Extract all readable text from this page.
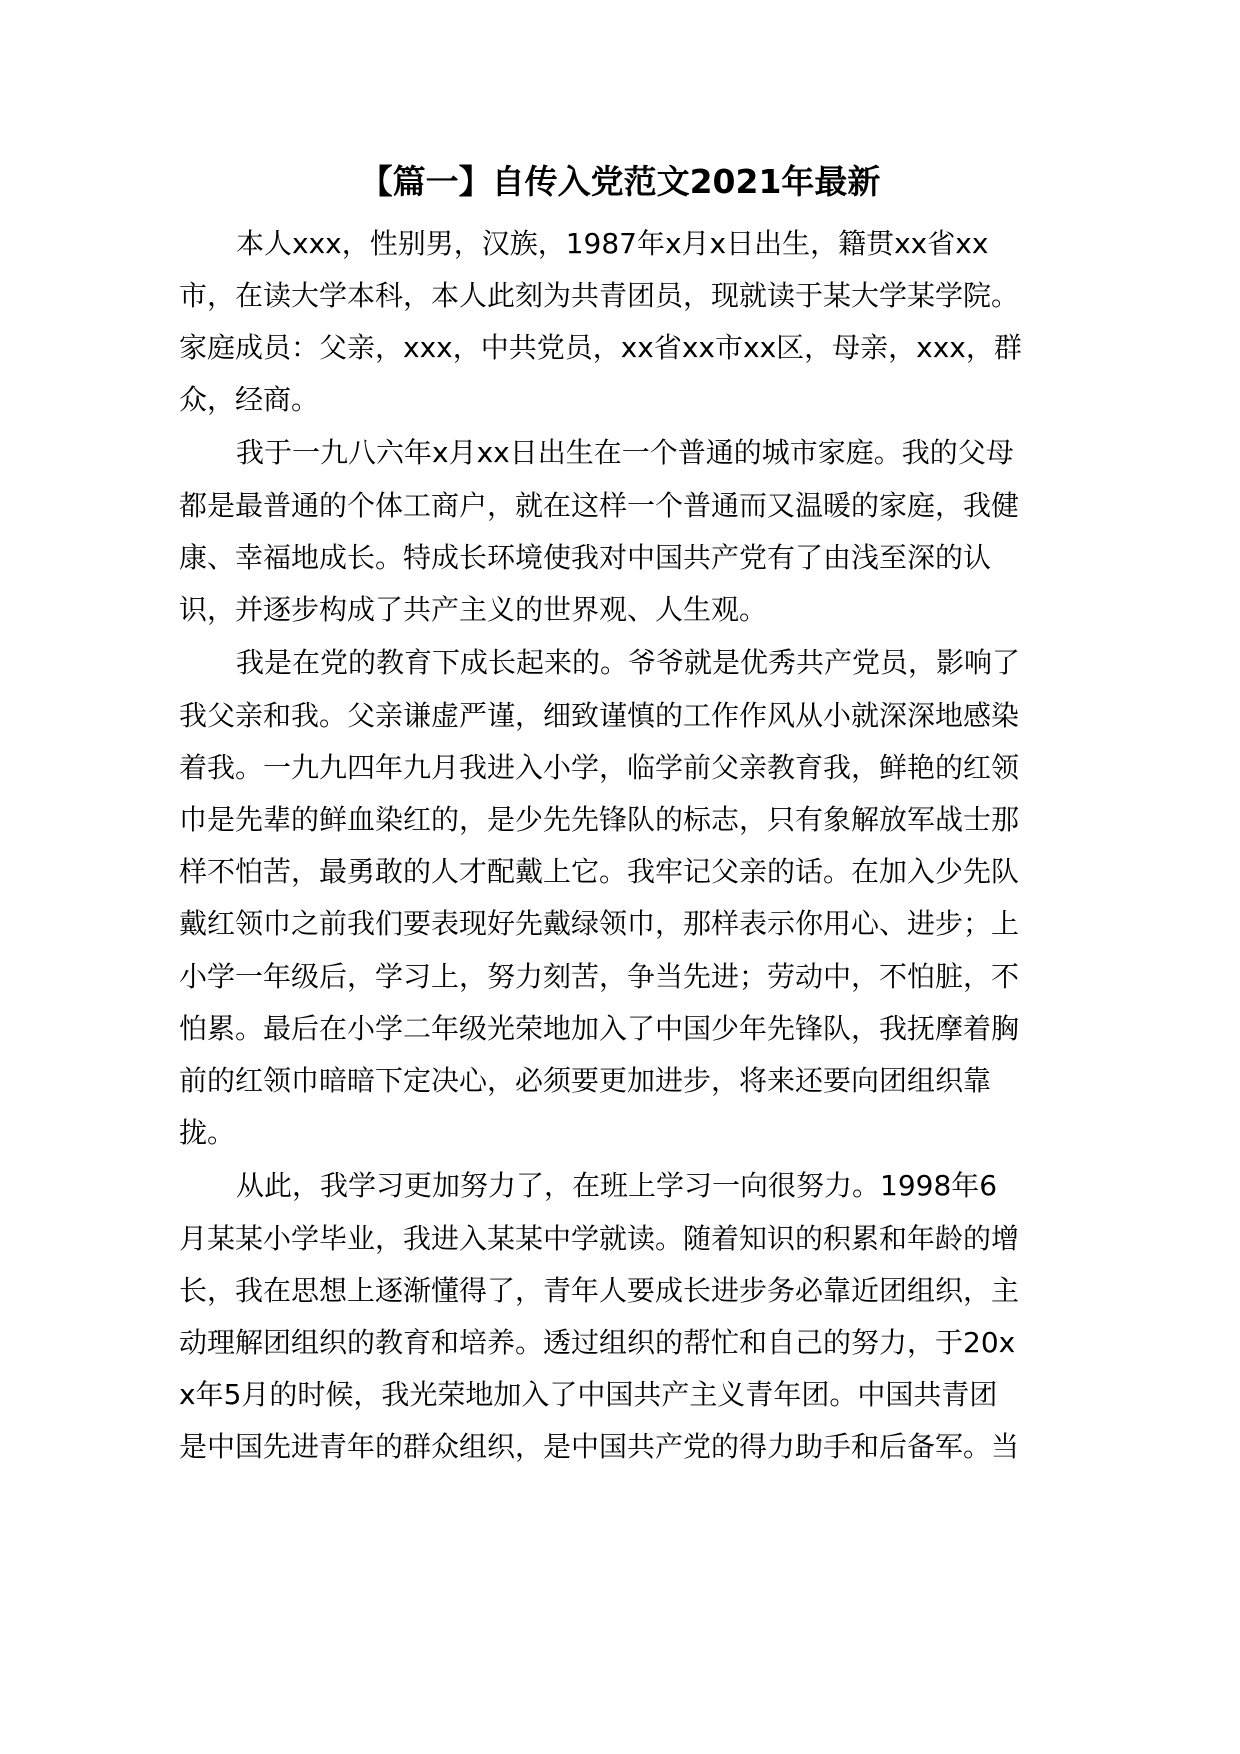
【篇一】自传入党范文2021年最新

本人xxx，性别男，汉族，1987年x月x日出生，籍贯xx省xx

市，在读大学本科，本人此刻为共青团员，现就读于某大学某学院。

家庭成员：父亲，xxx，中共党员，xx省xx市xx区，母亲，xxx，群

众，经商。

我于一九八六年x月xx日出生在一个普通的城市家庭。我的父母

都是最普通的个体工商户，就在这样一个普通而又温暖的家庭，我健

康、幸福地成长。特成长环境使我对中国共产党有了由浅至深的认

识，并逐步构成了共产主义的世界观、人生观。

我是在党的教育下成长起来的。爷爷就是优秀共产党员，影响了

我父亲和我。父亲谦虚严谨，细致谨慎的工作作风从小就深深地感染

着我。一九九四年九月我进入小学，临学前父亲教育我，鲜艳的红领

巾是先辈的鲜血染红的，是少先先锋队的标志，只有象解放军战士那

样不怕苦，最勇敢的人才配戴上它。我牢记父亲的话。在加入少先队

戴红领巾之前我们要表现好先戴绿领巾，那样表示你用心、进步；上

小学一年级后，学习上，努力刻苦，争当先进；劳动中，不怕脏，不

怕累。最后在小学二年级光荣地加入了中国少年先锋队，我抚摩着胸

前的红领巾暗暗下定决心，必须要更加进步，将来还要向团组织靠

拢。

从此，我学习更加努力了，在班上学习一向很努力。1998年6

月某某小学毕业，我进入某某中学就读。随着知识的积累和年龄的增

长，我在思想上逐渐懂得了，青年人要成长进步务必靠近团组织，主

动理解团组织的教育和培养。透过组织的帮忙和自己的努力，于20x

x年5月的时候，我光荣地加入了中国共产主义青年团。中国共青团

是中国先进青年的群众组织，是中国共产党的得力助手和后备军。当
